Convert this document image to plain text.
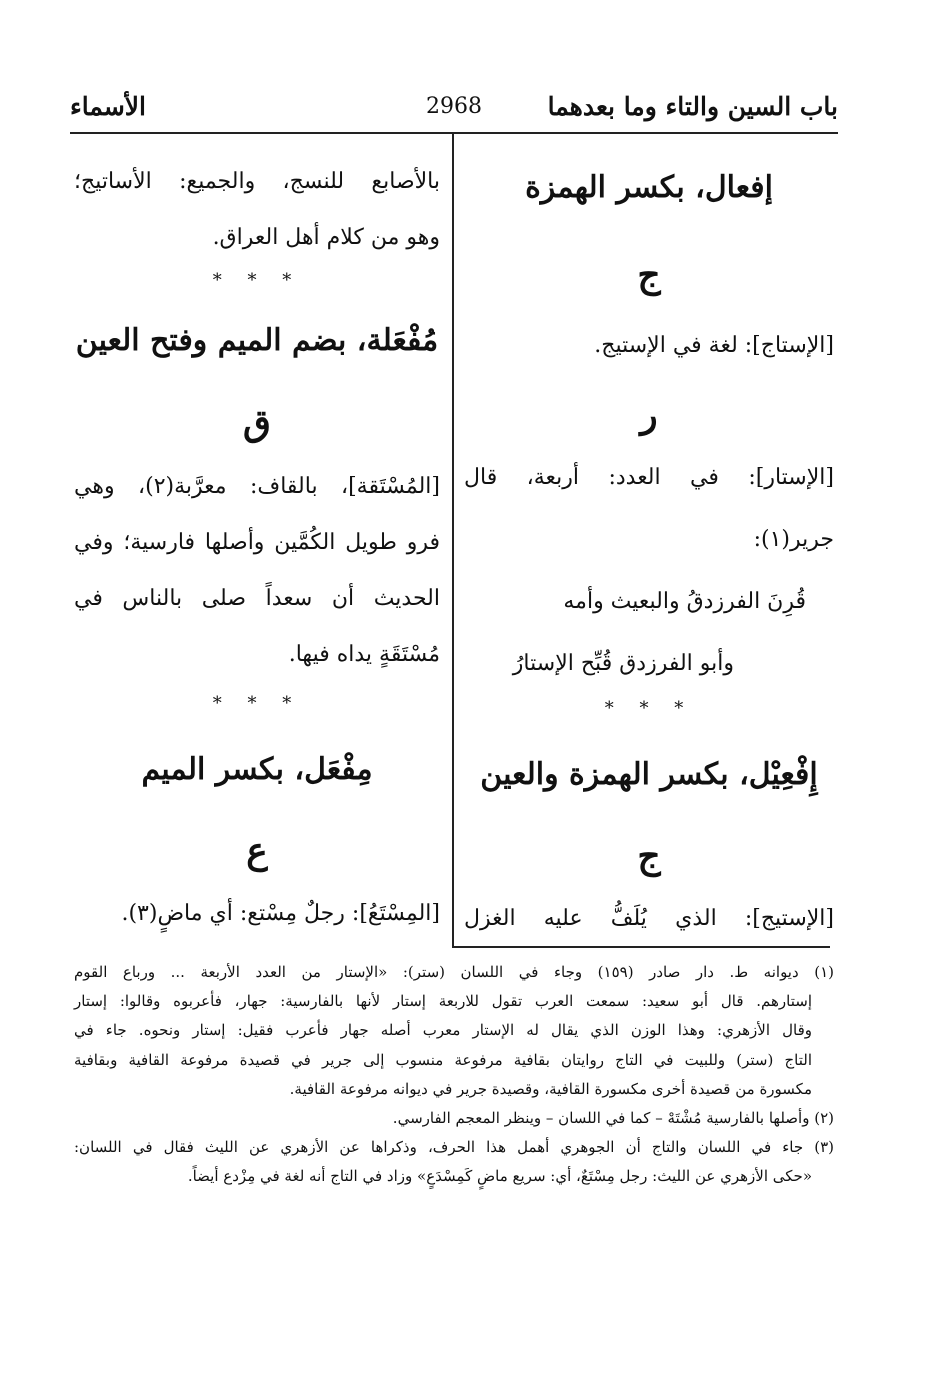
باب السين والتاء وما بعدهما
2968
الأسماء

إفعال، بكسر الهمزة

ج

[الإستاج]: لغة في الإستيج.

ر

[الإستار]: في العدد: أربعة، قال

جرير(١):

قُرِنَ الفرزدقُ والبعيث وأمه

وأبو الفرزدق قُبِّح الإستارُ

* * *

إِفْعِيْل، بكسر الهمزة والعين

ج

[الإستيج]: الذي يُلَفُّ عليه الغزل

بالأصابع للنسج، والجميع: الأساتيج؛

وهو من كلام أهل العراق.

* * *

مُفْعَلة، بضم الميم وفتح العين

ق

[المُسْتَقة]، بالقاف: معرَّبة(٢)، وهي

فرو طويل الكُمَّين وأصلها فارسية؛ وفي

الحديث أن سعداً صلى بالناس في

مُسْتَقَةٍ يداه فيها.

* * *

مِفْعَل، بكسر الميم

ع

[المِسْتَعُ]: رجلٌ مِسْتع: أي ماضٍ(٣).

(١) ديوانه ط. دار صادر (١٥٩) وجاء في اللسان (ستر): «الإستار من العدد الأربعة ... ورباع القوم

إستارهم. قال أبو سعيد: سمعت العرب تقول للاربعة إستار لأنها بالفارسية: جهار، فأعربوه وقالوا: إستار

وقال الأزهري: وهذا الوزن الذي يقال له الإستار معرب أصله جهار فأعرب فقيل: إستار ونحوه. جاء في

التاج (ستر) وللبيت في التاج روايتان بقافية مرفوعة منسوب إلى جرير في قصيدة مرفوعة القافية وبقافية

مكسورة من قصيدة أخرى مكسورة القافية، وقصيدة جرير في ديوانه مرفوعة القافية.

(٢) وأصلها بالفارسية مُشْتَهْ – كما في اللسان – وينظر المعجم الفارسي.

(٣) جاء في اللسان والتاج أن الجوهري أهمل هذا الحرف، وذكراها عن الأزهري عن الليث فقال في اللسان:

«حكى الأزهري عن الليث: رجل مِسْتَعٌ، أي: سريع ماضٍ كَمِسْدَعٍ» وزاد في التاج أنه لغة في مِزْدع أيضاً.
